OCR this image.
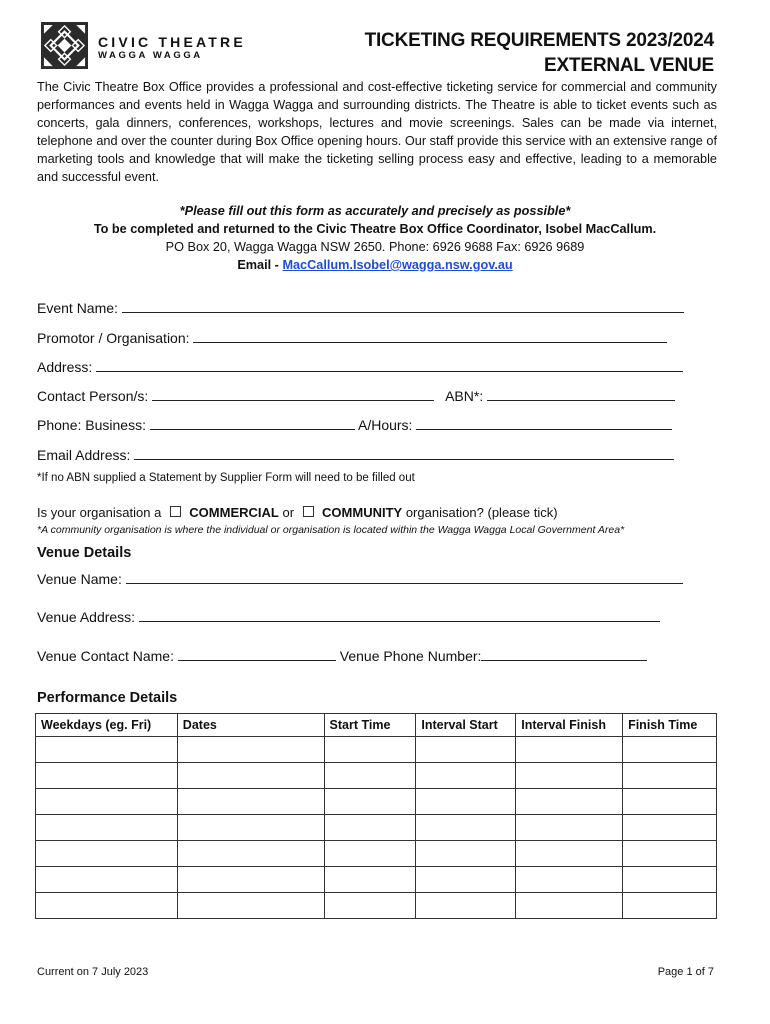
CIVIC THEATRE
WAGGA WAGGA
TICKETING REQUIREMENTS 2023/2024
EXTERNAL VENUE
The Civic Theatre Box Office provides a professional and cost-effective ticketing service for commercial and community performances and events held in Wagga Wagga and surrounding districts. The Theatre is able to ticket events such as concerts, gala dinners, conferences, workshops, lectures and movie screenings. Sales can be made via internet, telephone and over the counter during Box Office opening hours. Our staff provide this service with an extensive range of marketing tools and knowledge that will make the ticketing selling process easy and effective, leading to a memorable and successful event.
*Please fill out this form as accurately and precisely as possible*
To be completed and returned to the Civic Theatre Box Office Coordinator, Isobel MacCallum.
PO Box 20, Wagga Wagga NSW 2650. Phone: 6926 9688 Fax: 6926 9689
Email - MacCallum.Isobel@wagga.nsw.gov.au
Event Name:
Promotor / Organisation:
Address:
Contact Person/s:	ABN*:
Phone: Business:	A/Hours:
Email Address:
*If no ABN supplied a Statement by Supplier Form will need to be filled out
Is your organisation a COMMERCIAL or COMMUNITY organisation? (please tick)
*A community organisation is where the individual or organisation is located within the Wagga Wagga Local Government Area*
Venue Details
Venue Name:
Venue Address:
Venue Contact Name:	Venue Phone Number:
Performance Details
Weekdays (eg. Fri)	Dates	Start Time	Interval Start	Interval Finish	Finish Time

Current on 7 July 2023	Page 1 of 7
